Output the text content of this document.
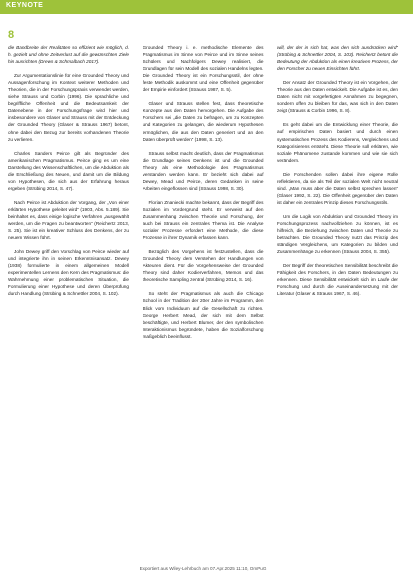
KEYNOTE
8

die Bandbreite der Realitäten so effizient wie möglich, d. h. gezielt und ohne Zeitverlust auf die gewünschten Ziele hin ausrichten (Drews & Schmalbach 2017).

Zur Argumentationslinie für eine Grounded Theory und Aussagenforschung im Kontext weiterer Methoden und Theorien, die in der Forschungspraxis verwendet werden, siehe Strauss und Corbin (1996). Die sprachliche und begriffliche Offenheit und die Bedeutsamkeit der Datenebene in der Forschungsfrage wird hier und insbesondere von Glaser und Strauss mit der Entdeckung der Grounded Theory (Glaser & Strauss 1967) betont, ohne dabei den Bezug zur bereits vorhandenen Theorie zu verlieren.

Charles Sanders Peirce gilt als Begründer des amerikanischen Pragmatismus. Peirce ging es um eine Darstellung des Wissenschaftlichen, um die Abduktion als die Erschließung des Neuen, und damit um die Bildung von Hypothesen, die sich aus der Erfahrung heraus ergeben (Strübing 2014, S. 47).

Nach Peirce ist Abduktion der Vorgang, der „Von einer erklärten Hypothese geleitet wird“ (1903, Abs. 5.189). Sie beinhaltet es, dass einige logische Verfahren „ausgewählt werden, um die Fragen zu beantworten“ (Reichertz 2013, S. 25). Sie ist ein kreativer Schluss des Denkens, der zu neuem Wissen führt.

John Dewey griff den Vorschlag von Peirce wieder auf und integrierte ihn in seinen Erkenntnisansatz. Dewey (1938) formulierte in einem allgemeinen Modell experimentellen Lernens den Kern des Pragmatismus: die Wahrnehmung einer problematischen Situation, die Formulierung einer Hypothese und deren Überprüfung durch Handlung (Strübing & Schnettler 2004, S. 102).

Grounded Theory i. e. methodische Elemente des Pragmatismus im Sinne von Peirce und im Sinne seines Schülers und Nachfolgers Dewey realisiert, die Grundlagen für sein Modell des sozialen Handelns legten. Die Grounded Theory ist ein Forschungsstil, der ohne feste Methodik auskommt und eine Offenheit gegenüber der Empirie einfordert (Strauss 1987, S. 5).

Glaser und Strauss stellen fest, dass theoretische Konzepte aus den Daten hervorgehen. Die Aufgabe des Forschers sei „die Daten zu befragen, um zu Konzepten und Kategorien zu gelangen, die wiederum Hypothesen ermöglichen, die aus den Daten generiert und an den Daten überprüft werden“ (1998, S. 13).

Strauss selbst macht deutlich, dass der Pragmatismus die Grundlage seines Denkens ist und die Grounded Theory als eine Methodologie des Pragmatismus verstanden werden kann. Er bezieht sich dabei auf Dewey, Mead und Peirce, deren Gedanken in seine Arbeiten eingeflossen sind (Strauss 1998, S. 30).

Florian Znaniecki machte bekannt, dass der Begriff des Sozialen im Vordergrund steht. Er verweist auf den Zusammenhang zwischen Theorie und Forschung, der auch bei Strauss ein zentrales Thema ist. Die Analyse sozialer Prozesse erfordert eine Methode, die diese Prozesse in ihrer Dynamik erfassen kann.

Bezüglich des Vorgehens ist festzustellen, dass die Grounded Theory dem Verstehen der Handlungen von Akteuren dient. Für die Vorgehensweise der Grounded Theory sind daher Kodierverfahren, Memos und das theoretische Sampling zentral (Strübing 2014, S. 16).

So steht der Pragmatismus als auch die Chicago School in der Tradition der 20er Jahre im Programm, den Blick vom Individuum auf die Gesellschaft zu richten. George Herbert Mead, der sich mit dem Selbst beschäftigte, und Herbert Blumer, der den symbolischen Interaktionismus begründete, haben die Sozialforschung maßgeblich beeinflusst.

will, der der in sich hat, was den sich ausdrücken wird“ (Strübing & Schnettler 2004, S. 103). Reichertz betont die Bedeutung der Abduktion als einen kreativen Prozess, der den Forscher zu neuen Einsichten führt.

Der Ansatz der Grounded Theory ist ein Vorgehen, der Theorie aus den Daten entwickelt. Die Aufgabe ist es, den Daten nicht mit vorgefertigten Annahmen zu begegnen, sondern offen zu bleiben für das, was sich in den Daten zeigt (Strauss & Corbin 1996, S. 8).

Es geht dabei um die Entwicklung einer Theorie, die auf empirischen Daten basiert und durch einen systematischen Prozess des Kodierens, Vergleichens und Kategorisierens entsteht. Diese Theorie soll erklären, wie soziale Phänomene zustande kommen und wie sie sich verändern.

Die Forschenden sollen dabei ihre eigene Rolle reflektieren, da sie als Teil der sozialen Welt nicht neutral sind. „Man muss aber die Daten selbst sprechen lassen“ (Glaser 1992, S. 22). Die Offenheit gegenüber den Daten ist daher ein zentrales Prinzip dieses Forschungsstils.

Um die Logik von Abduktion und Grounded Theory im Forschungsprozess nachvollziehen zu können, ist es hilfreich, die Beziehung zwischen Daten und Theorie zu betrachten. Die Grounded Theory nutzt das Prinzip des ständigen Vergleichens, um Kategorien zu bilden und Zusammenhänge zu erkennen (Strauss 2004, S. 355).

Der Begriff der theoretischen Sensibilität beschreibt die Fähigkeit des Forschers, in den Daten Bedeutungen zu erkennen. Diese Sensibilität entwickelt sich im Laufe der Forschung und durch die Auseinandersetzung mit der Literatur (Glaser & Strauss 1967, S. 46).

Exportiert aus Wiley-Lehrbuch am 07.Apr.2025 11:10, OmPuG
